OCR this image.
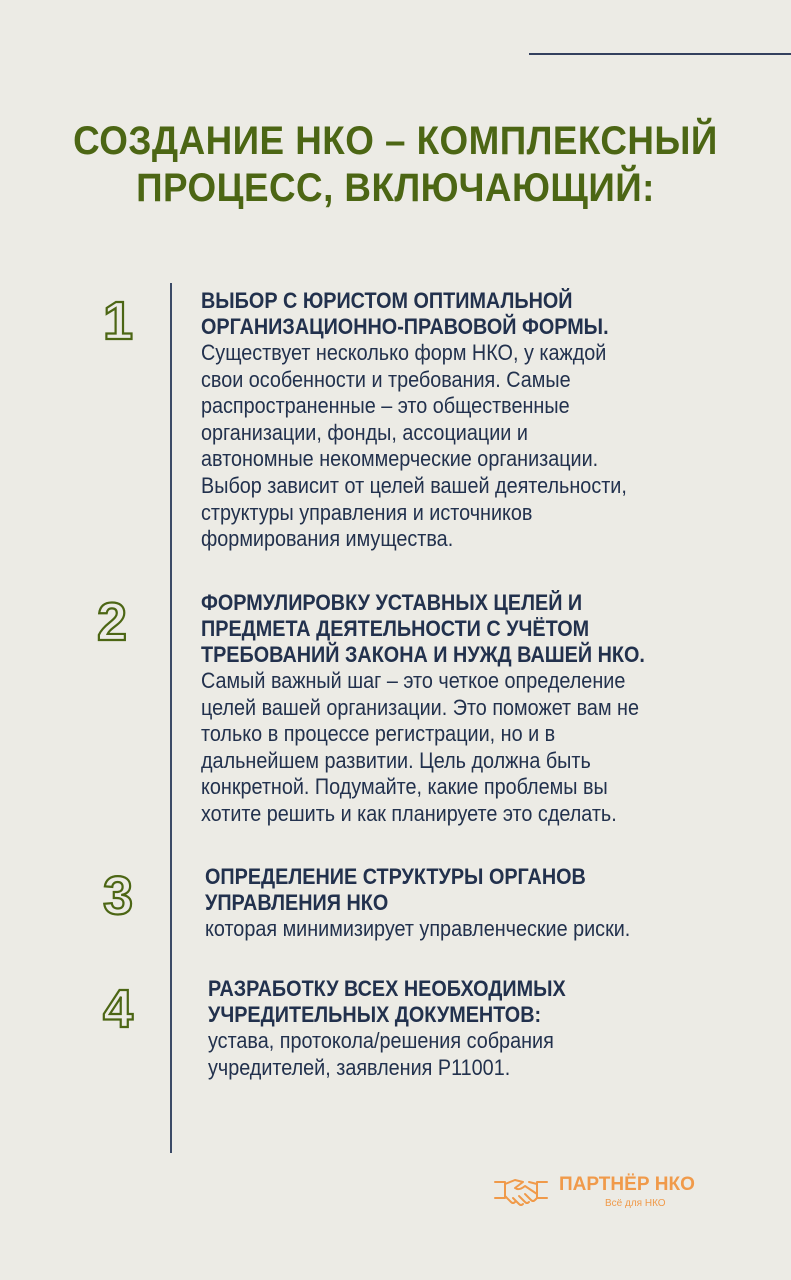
СОЗДАНИЕ НКО – КОМПЛЕКСНЫЙ
ПРОЦЕСС, ВКЛЮЧАЮЩИЙ:
1	ВЫБОР С ЮРИСТОМ ОПТИМАЛЬНОЙ
ОРГАНИЗАЦИОННО-ПРАВОВОЙ ФОРМЫ.
Существует несколько форм НКО, у каждой
свои особенности и требования. Самые
распространенные – это общественные
организации, фонды, ассоциации и
автономные некоммерческие организации.
Выбор зависит от целей вашей деятельности,
структуры управления и источников
формирования имущества.
2	ФОРМУЛИРОВКУ УСТАВНЫХ ЦЕЛЕЙ И
ПРЕДМЕТА ДЕЯТЕЛЬНОСТИ С УЧЁТОМ
ТРЕБОВАНИЙ ЗАКОНА И НУЖД ВАШЕЙ НКО.
Самый важный шаг – это четкое определение
целей вашей организации. Это поможет вам не
только в процессе регистрации, но и в
дальнейшем развитии. Цель должна быть
конкретной. Подумайте, какие проблемы вы
хотите решить и как планируете это сделать.
3	ОПРЕДЕЛЕНИЕ СТРУКТУРЫ ОРГАНОВ
УПРАВЛЕНИЯ НКО
которая минимизирует управленческие риски.
4	РАЗРАБОТКУ ВСЕХ НЕОБХОДИМЫХ
УЧРЕДИТЕЛЬНЫХ ДОКУМЕНТОВ:
устава, протокола/решения собрания
учредителей, заявления Р11001.
ПАРТНЁР НКО
Всё для НКО
